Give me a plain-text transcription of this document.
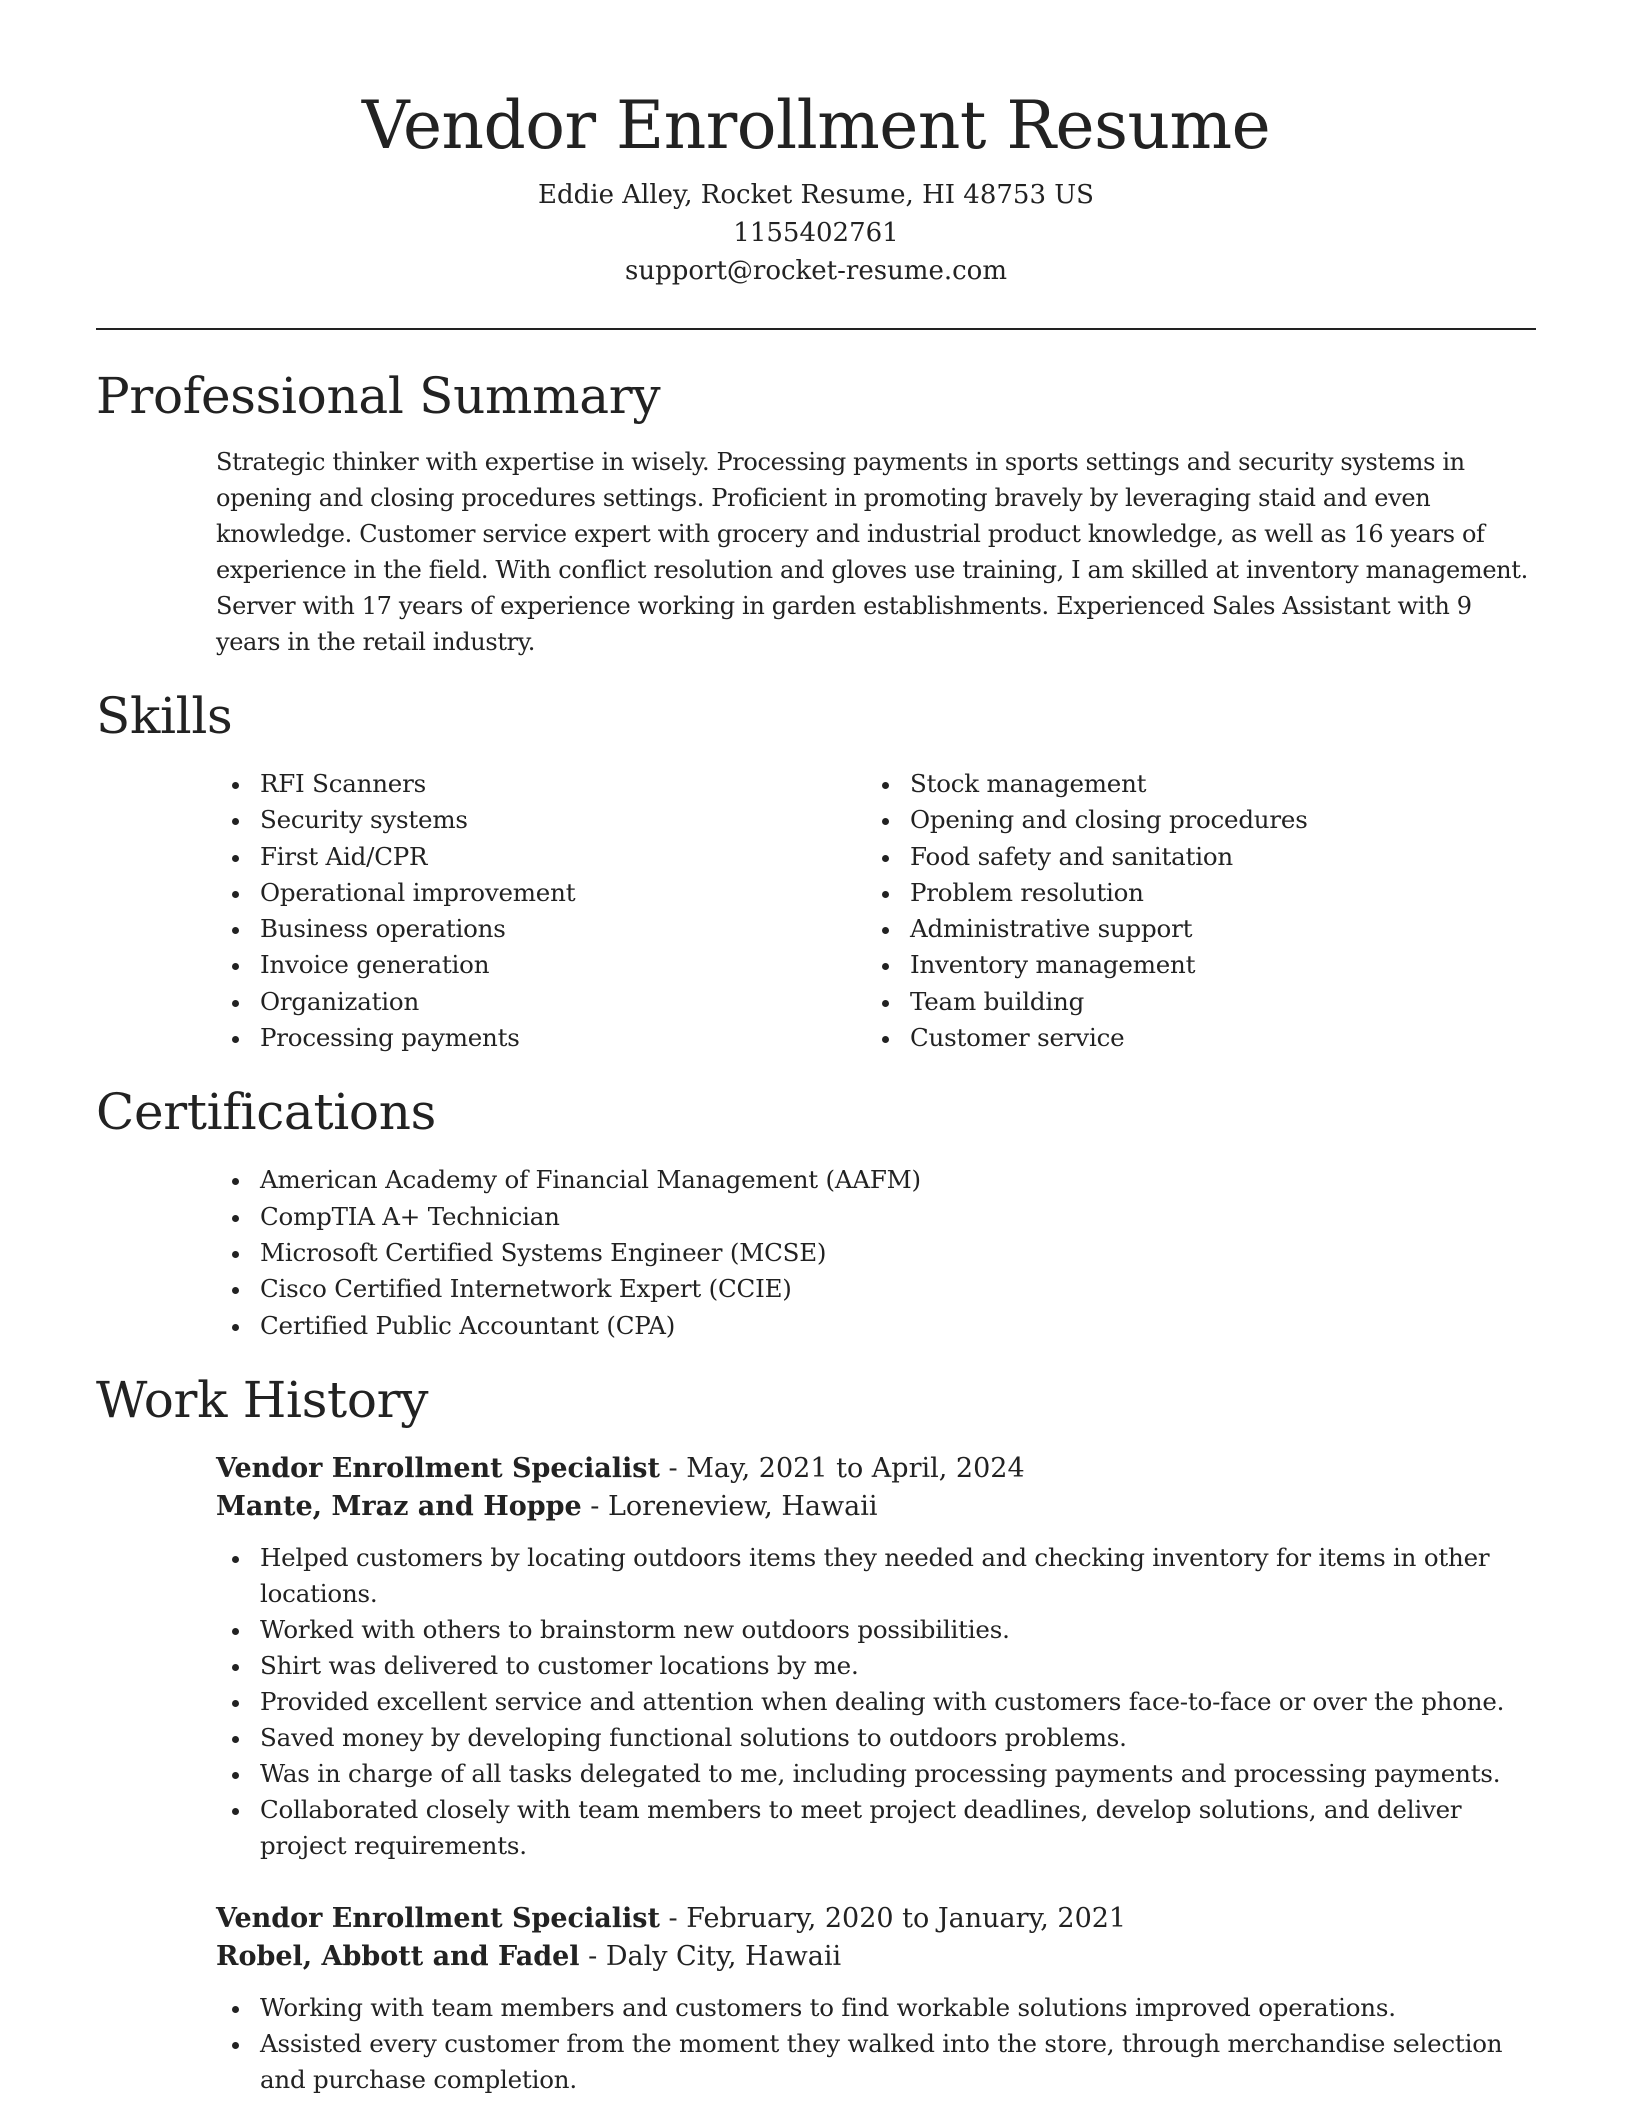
Vendor Enrollment Resume
Eddie Alley, Rocket Resume, HI 48753 US
1155402761
support@rocket-resume.com
Professional Summary
Strategic thinker with expertise in wisely. Processing payments in sports settings and security systems in opening and closing procedures settings. Proficient in promoting bravely by leveraging staid and even knowledge. Customer service expert with grocery and industrial product knowledge, as well as 16 years of experience in the field. With conflict resolution and gloves use training, I am skilled at inventory management. Server with 17 years of experience working in garden establishments. Experienced Sales Assistant with 9 years in the retail industry.
Skills
RFI Scanners
Security systems
First Aid/CPR
Operational improvement
Business operations
Invoice generation
Organization
Processing payments
Stock management
Opening and closing procedures
Food safety and sanitation
Problem resolution
Administrative support
Inventory management
Team building
Customer service
Certifications
American Academy of Financial Management (AAFM)
CompTIA A+ Technician
Microsoft Certified Systems Engineer (MCSE)
Cisco Certified Internetwork Expert (CCIE)
Certified Public Accountant (CPA)
Work History
Vendor Enrollment Specialist - May, 2021 to April, 2024
Mante, Mraz and Hoppe - Loreneview, Hawaii
Helped customers by locating outdoors items they needed and checking inventory for items in other locations.
Worked with others to brainstorm new outdoors possibilities.
Shirt was delivered to customer locations by me.
Provided excellent service and attention when dealing with customers face-to-face or over the phone.
Saved money by developing functional solutions to outdoors problems.
Was in charge of all tasks delegated to me, including processing payments and processing payments.
Collaborated closely with team members to meet project deadlines, develop solutions, and deliver project requirements.
Vendor Enrollment Specialist - February, 2020 to January, 2021
Robel, Abbott and Fadel - Daly City, Hawaii
Working with team members and customers to find workable solutions improved operations.
Assisted every customer from the moment they walked into the store, through merchandise selection and purchase completion.
